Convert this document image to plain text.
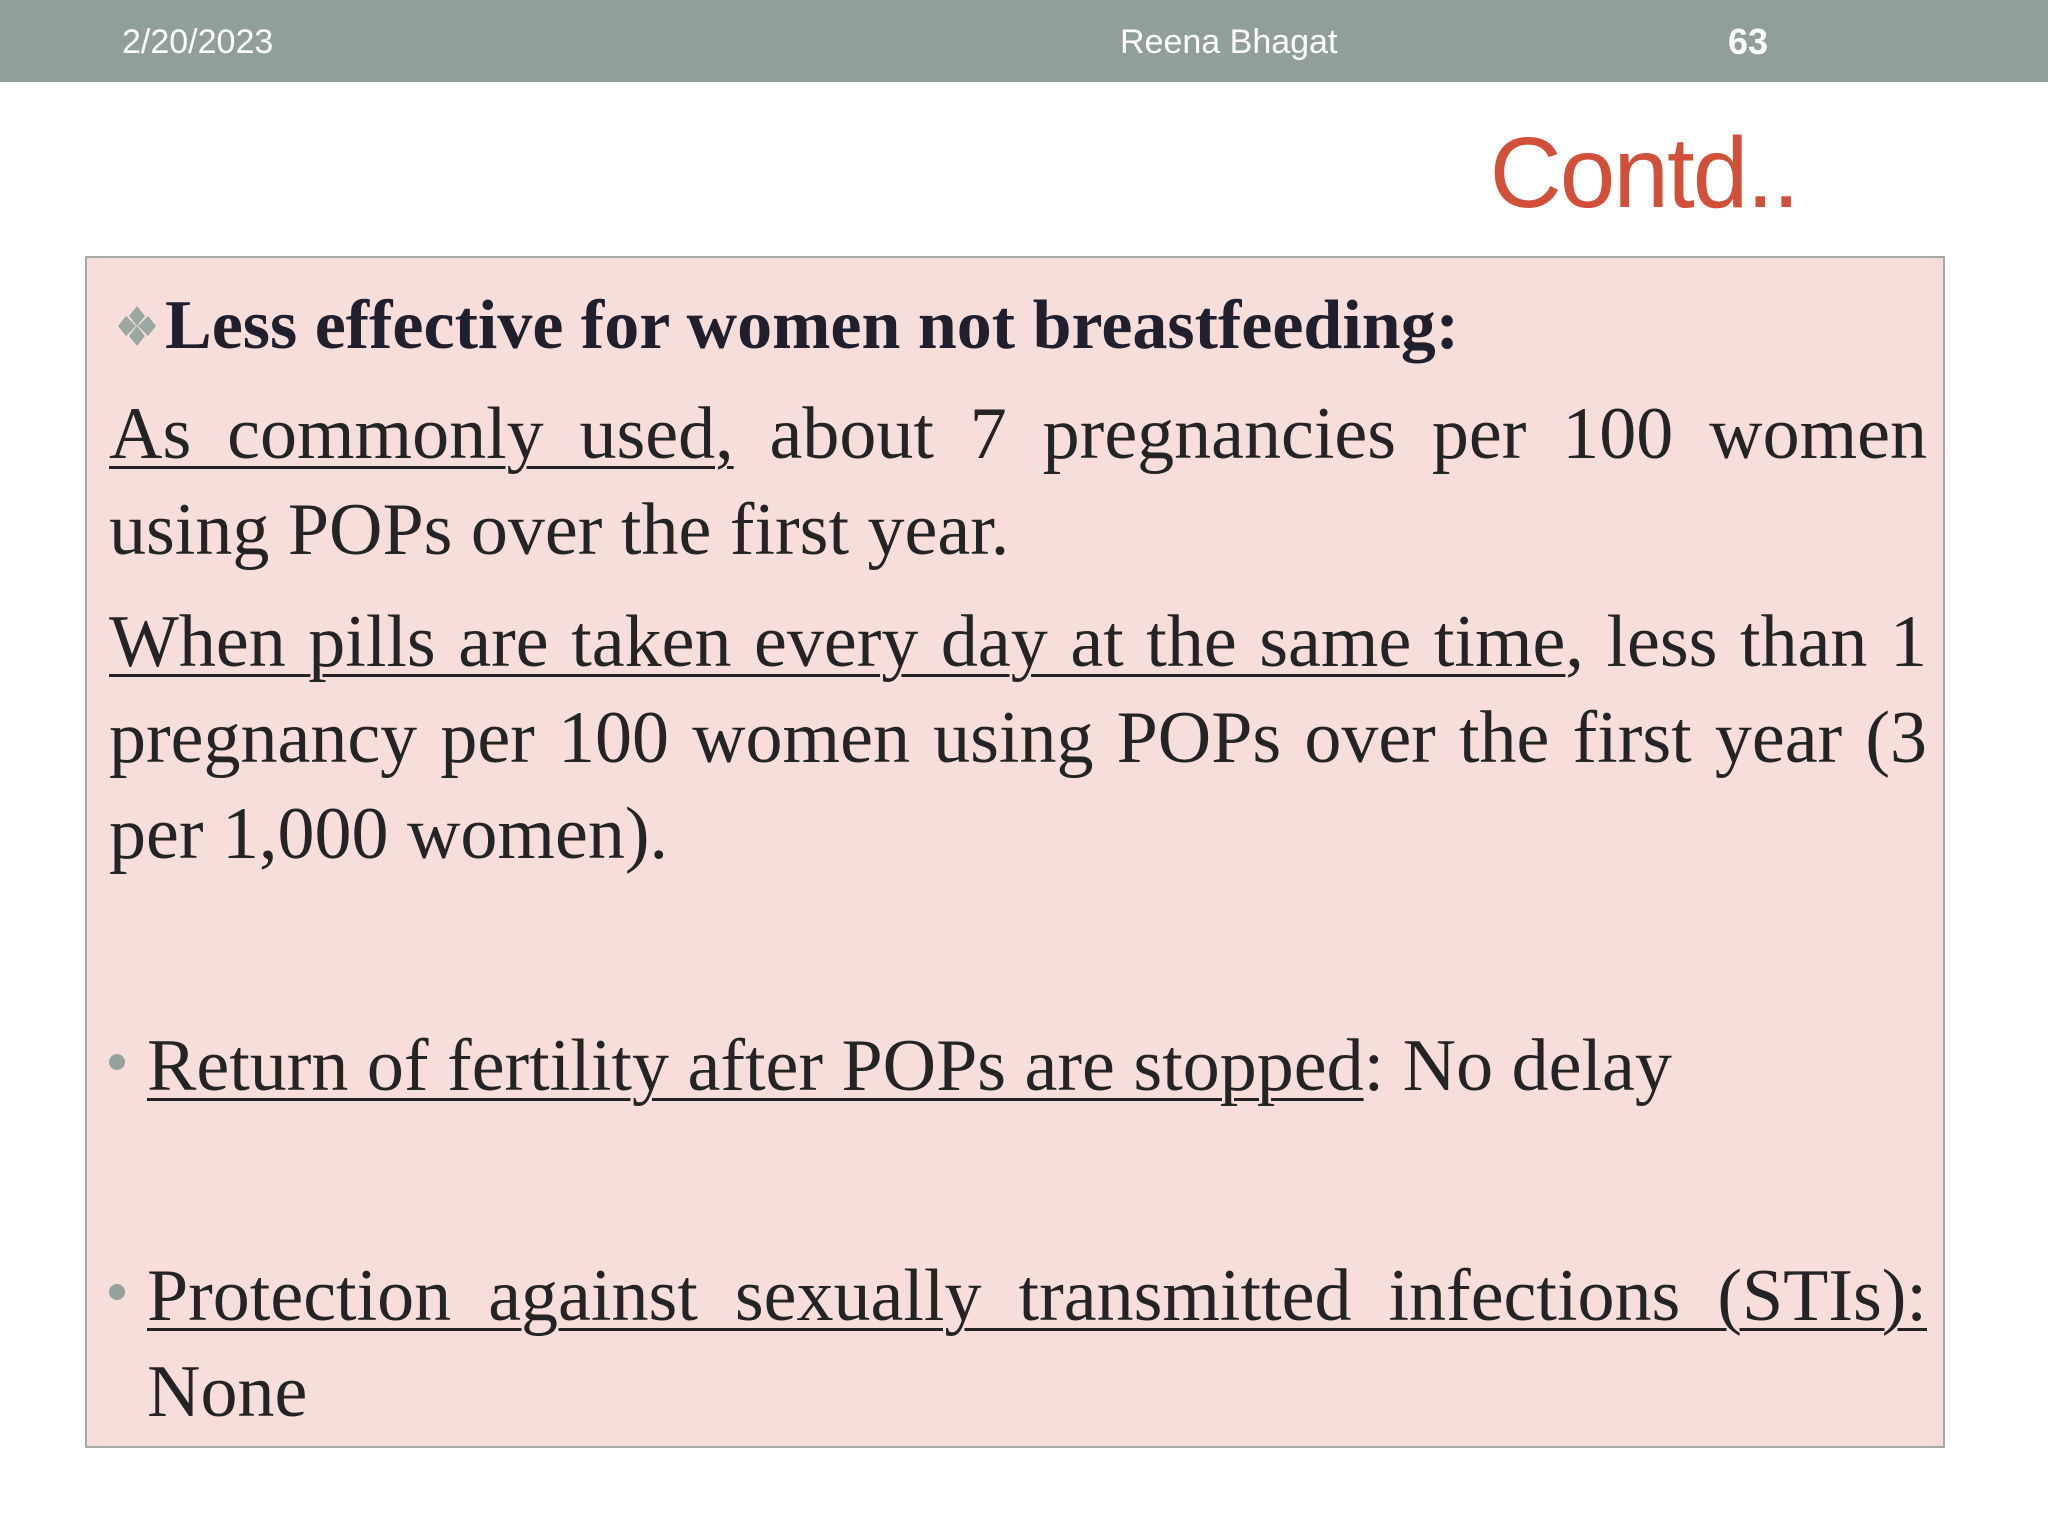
2/20/2023	Reena Bhagat	63
Contd..
Less effective for women not breastfeeding:
As commonly used, about 7 pregnancies per 100 women using POPs over the first year.
When pills are taken every day at the same time, less than 1 pregnancy per 100 women using POPs over the first year (3 per 1,000 women).
Return of fertility after POPs are stopped: No delay
Protection against sexually transmitted infections (STIs): None
